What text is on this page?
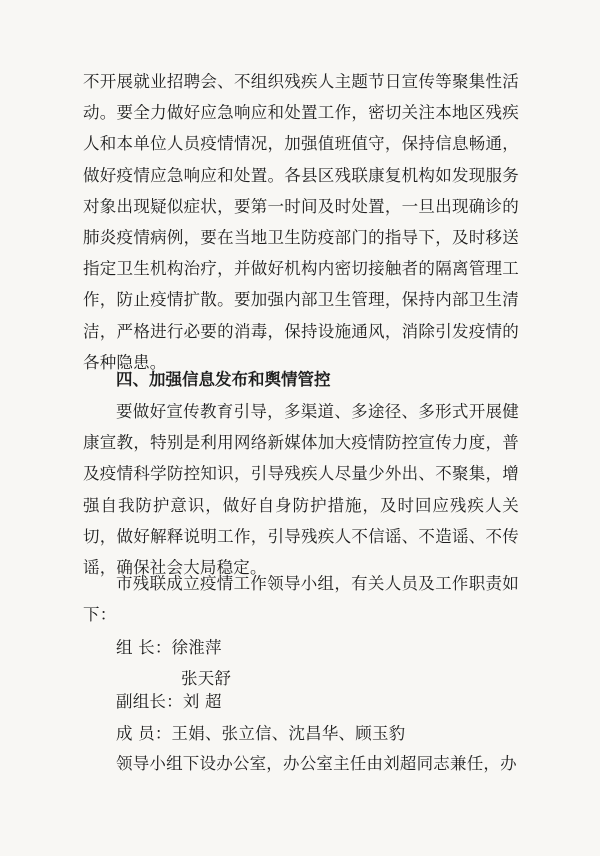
不开展就业招聘会、不组织残疾人主题节日宣传等聚集性活动。要全力做好应急响应和处置工作，密切关注本地区残疾人和本单位人员疫情情况，加强值班值守，保持信息畅通，做好疫情应急响应和处置。各县区残联康复机构如发现服务对象出现疑似症状，要第一时间及时处置，一旦出现确诊的肺炎疫情病例，要在当地卫生防疫部门的指导下，及时移送指定卫生机构治疗，并做好机构内密切接触者的隔离管理工作，防止疫情扩散。要加强内部卫生管理，保持内部卫生清洁，严格进行必要的消毒，保持设施通风，消除引发疫情的各种隐患。

四、加强信息发布和舆情管控

要做好宣传教育引导，多渠道、多途径、多形式开展健康宣教，特别是利用网络新媒体加大疫情防控宣传力度，普及疫情科学防控知识，引导残疾人尽量少外出、不聚集，增强自我防护意识，做好自身防护措施，及时回应残疾人关切，做好解释说明工作，引导残疾人不信谣、不造谣、不传谣，确保社会大局稳定。

市残联成立疫情工作领导小组，有关人员及工作职责如下：

组 长：徐淮萍

张天舒

副组长：刘 超

成 员：王娟、张立信、沈昌华、顾玉豹

领导小组下设办公室，办公室主任由刘超同志兼任，办
